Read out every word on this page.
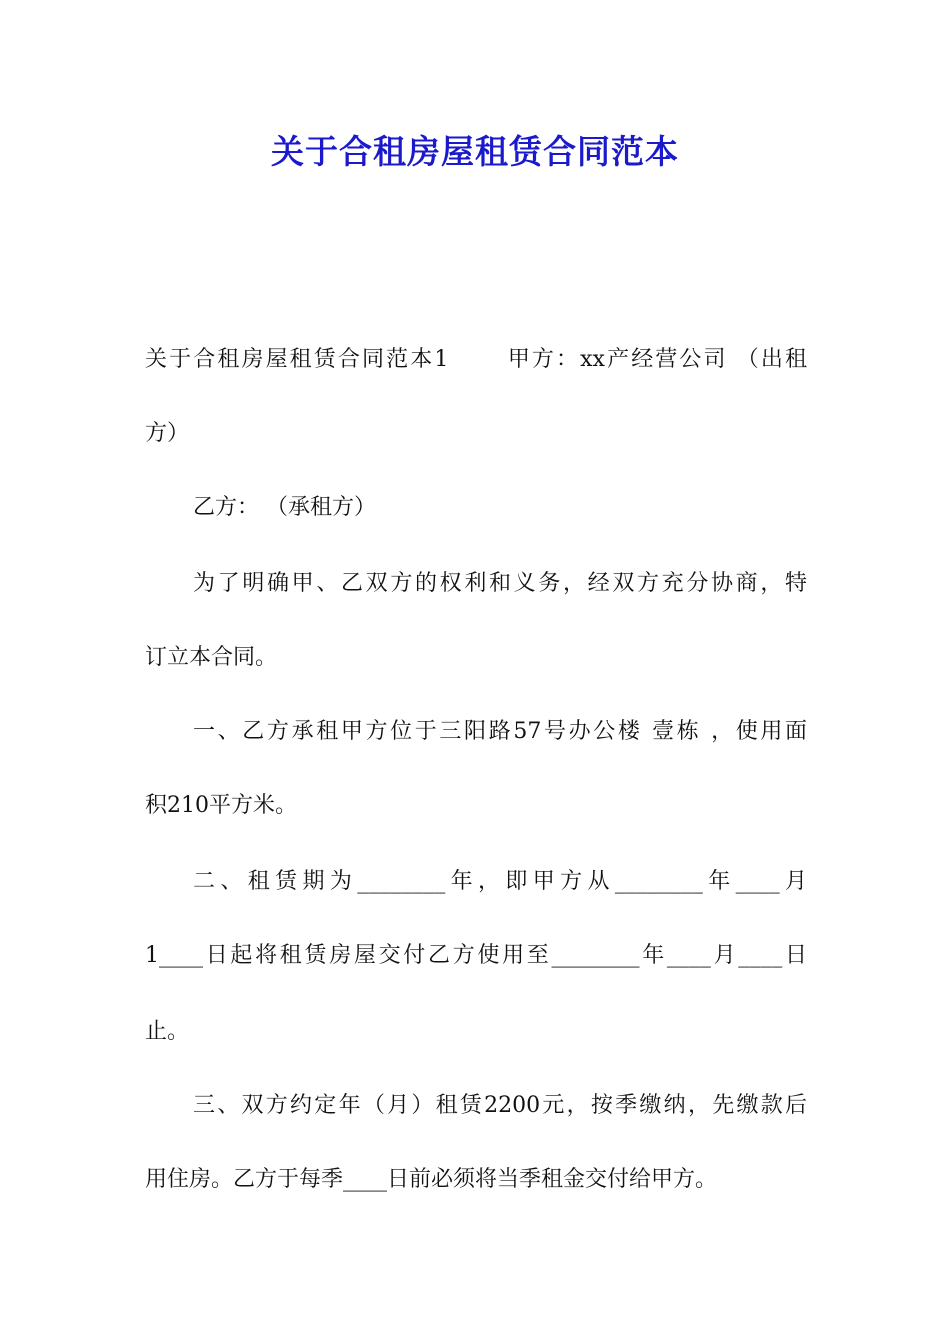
关于合租房屋租赁合同范本
关于合租房屋租赁合同范本1　　 甲方：xx产经营公司 （出租
方）
乙方： （承租方）
为了明确甲、乙双方的权利和义务，经双方充分协商，特
订立本合同。
一、乙方承租甲方位于三阳路57号办公楼 壹栋 ，使用面
积210平方米。
二、租赁期为________年，即甲方从________年____月
1____日起将租赁房屋交付乙方使用至________年____月____日
止。
三、双方约定年（月）租赁2200元，按季缴纳，先缴款后
用住房。乙方于每季____日前必须将当季租金交付给甲方。
